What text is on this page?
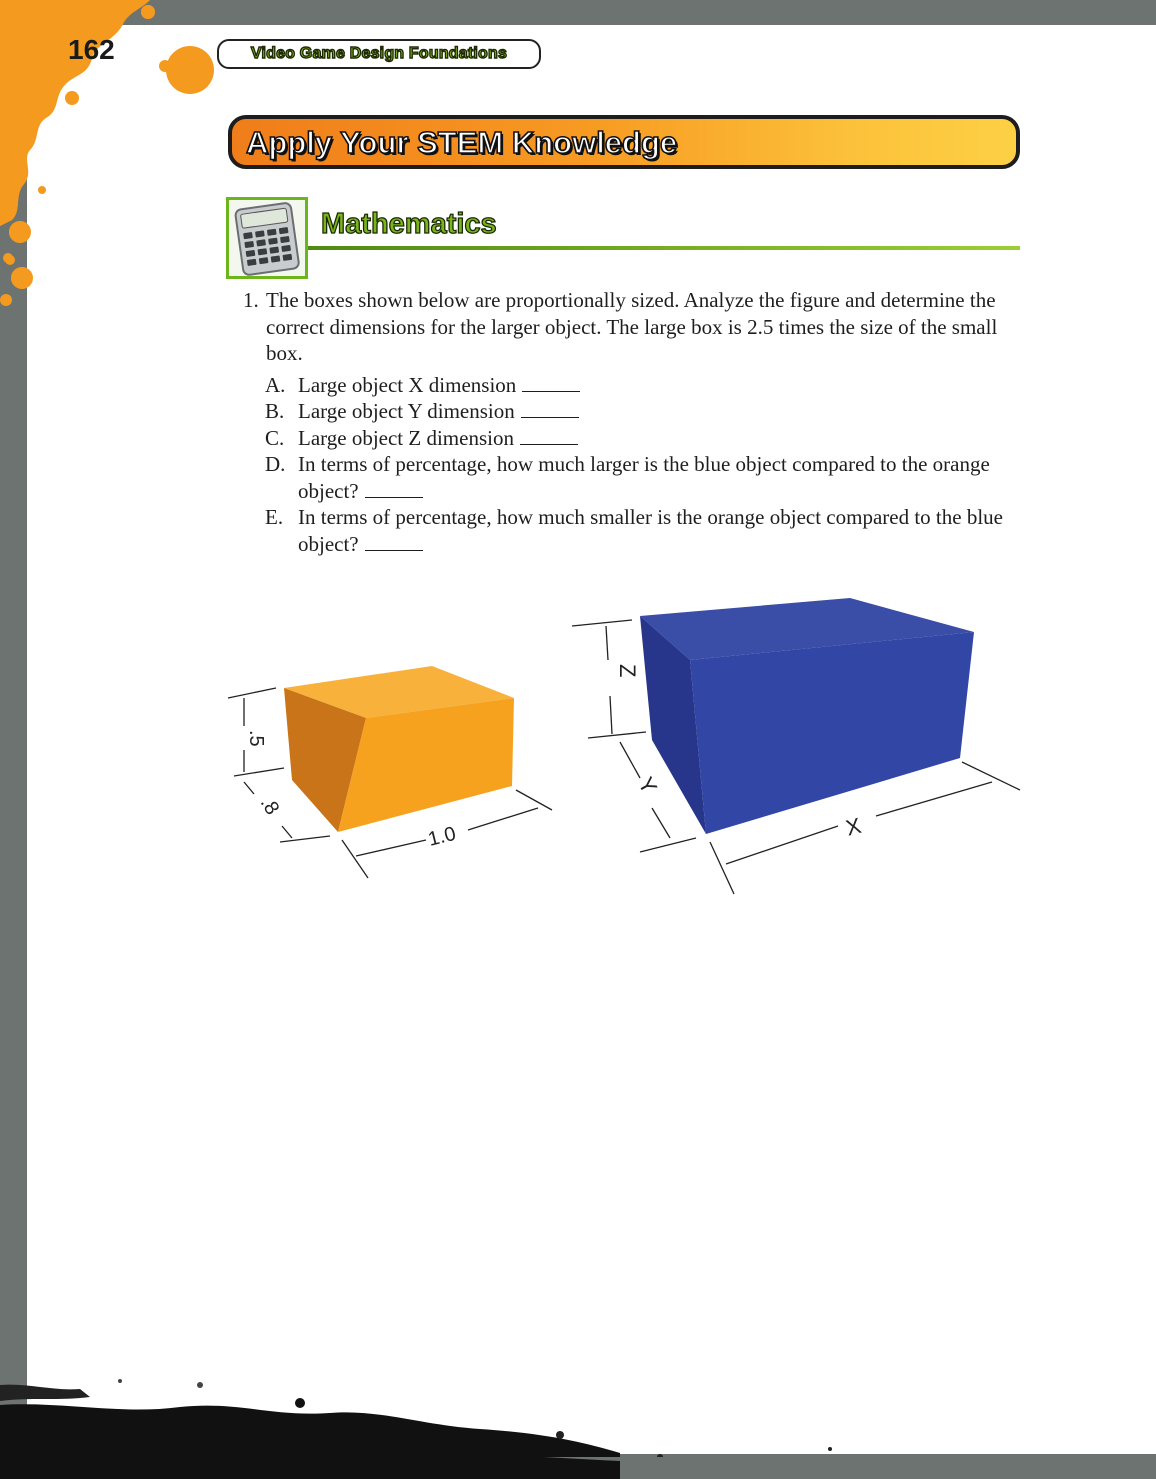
162	Video Game Design Foundations
Apply Your STEM Knowledge
Mathematics
1. The boxes shown below are proportionally sized. Analyze the figure and determine the correct dimensions for the larger object. The large box is 2.5 times the size of the small box.
A. Large object X dimension
B. Large object Y dimension
C. Large object Z dimension
D. In terms of percentage, how much larger is the blue object compared to the orange object?
E. In terms of percentage, how much smaller is the orange object compared to the blue object?
.5
.8
1.0
Z
Y
X
